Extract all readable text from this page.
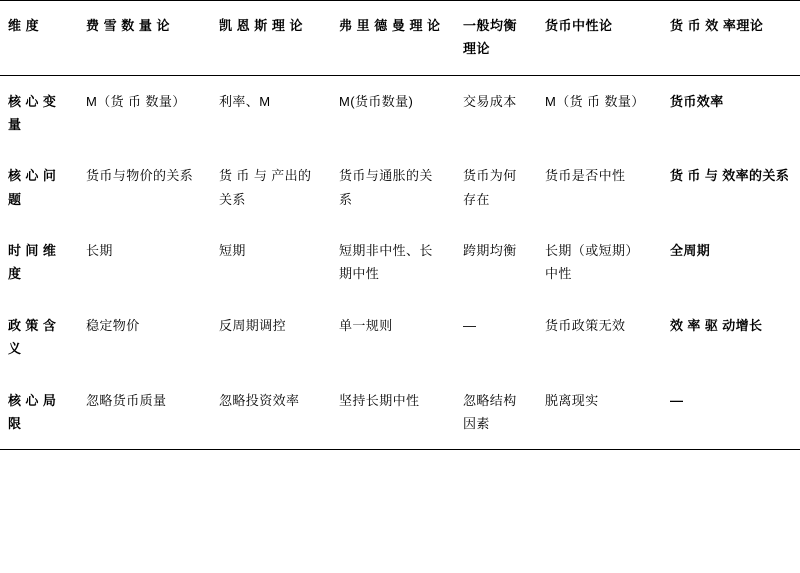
维 度	费 雪 数 量 论	凯 恩 斯 理 论	弗 里 德 曼 理 论	一般均衡理论	货币中性论	货 币 效 率理论
核 心 变量	M（货 币 数量）	利率、M	M(货币数量)	交易成本	M（货 币 数量）	货币效率
核 心 问题	货币与物价的关系	货 币 与 产出的关系	货币与通胀的关系	货币为何存在	货币是否中性	货 币 与 效率的关系
时 间 维度	长期	短期	短期非中性、长期中性	跨期均衡	长期（或短期）中性	全周期
政 策 含义	稳定物价	反周期调控	单一规则	—	货币政策无效	效 率 驱 动增长
核 心 局限	忽略货币质量	忽略投资效率	坚持长期中性	忽略结构因素	脱离现实	—
